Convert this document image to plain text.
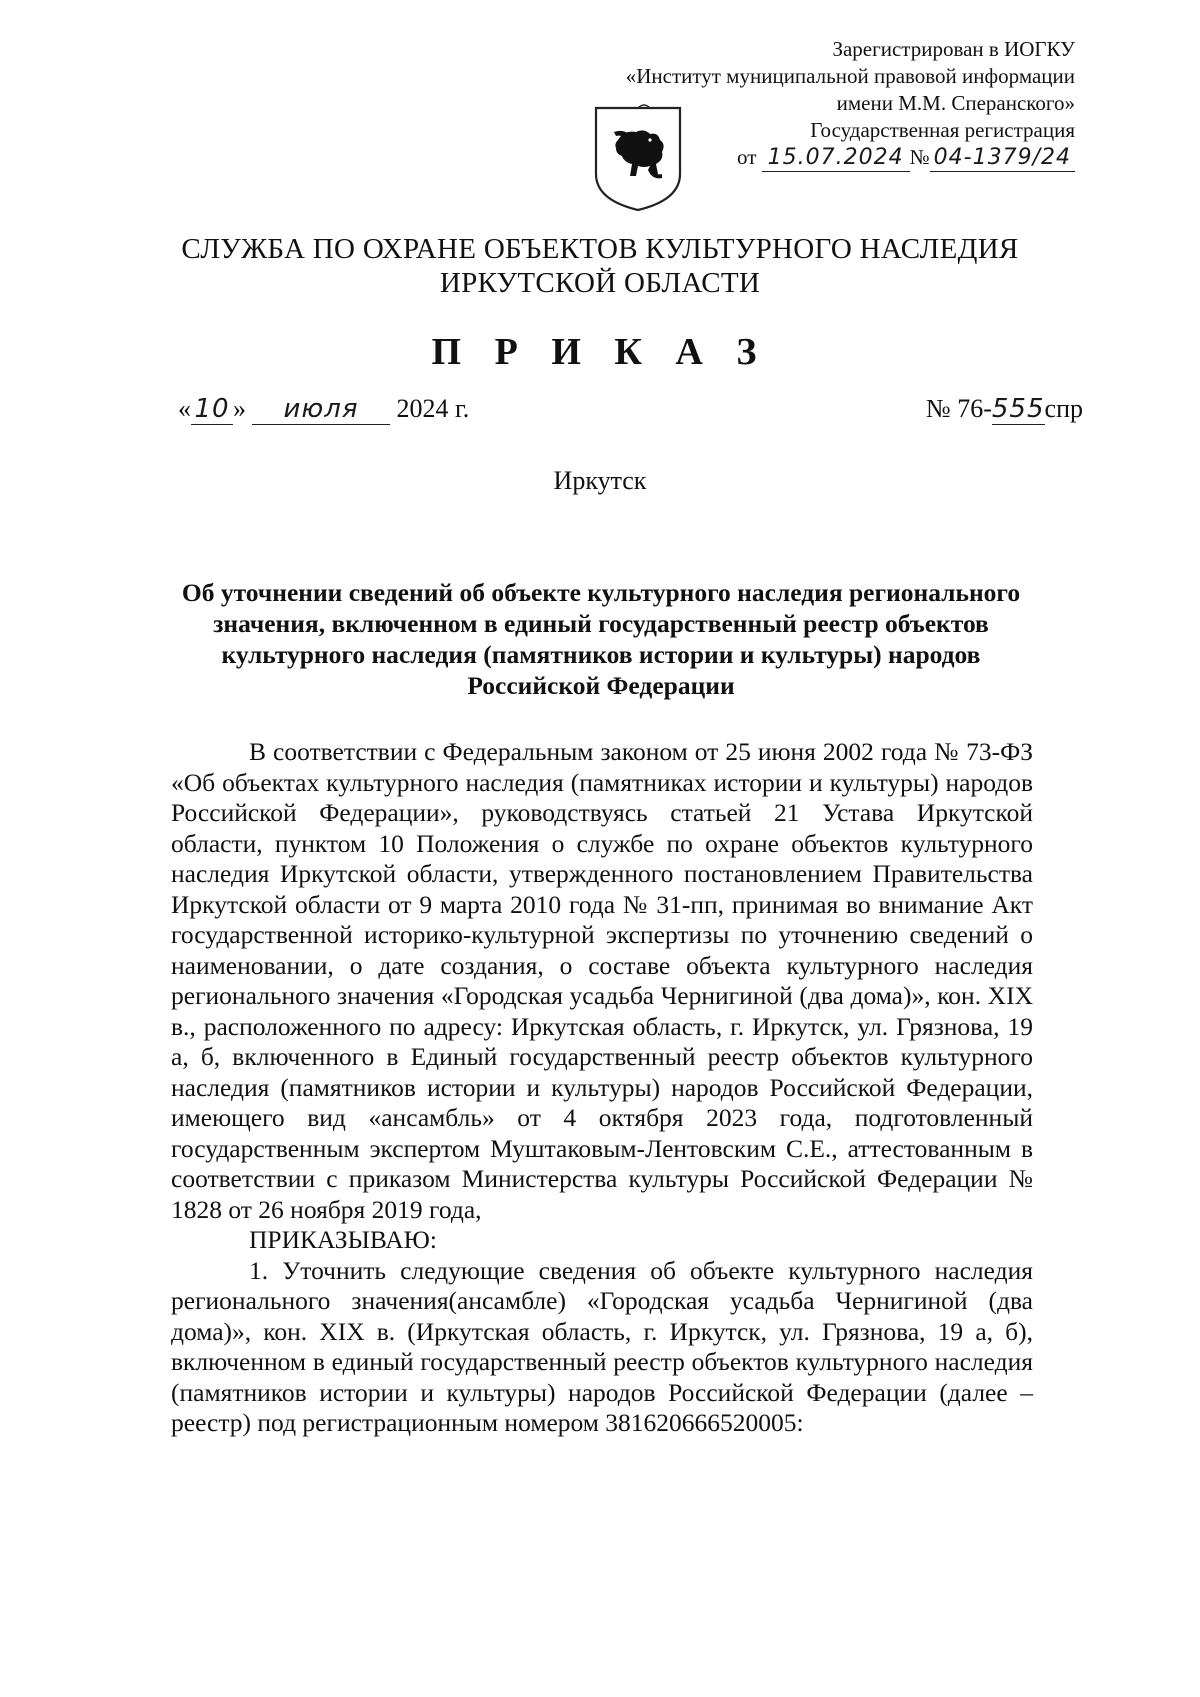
Зарегистрирован в ИОГКУ
«Институт муниципальной правовой информации
имени М.М. Сперанского»
Государственная регистрация
от 15.07.2024 № 04-1379/24
СЛУЖБА ПО ОХРАНЕ ОБЪЕКТОВ КУЛЬТУРНОГО НАСЛЕДИЯ
ИРКУТСКОЙ ОБЛАСТИ
П Р И К А З
« 10 » июля 2024 г.	№ 76-555спр
Иркутск
Об уточнении сведений об объекте культурного наследия регионального значения, включенном в единый государственный реестр объектов культурного наследия (памятников истории и культуры) народов Российской Федерации

В соответствии с Федеральным законом от 25 июня 2002 года № 73-ФЗ «Об объектах культурного наследия (памятниках истории и культуры) народов Российской Федерации», руководствуясь статьей 21 Устава Иркутской области, пунктом 10 Положения о службе по охране объектов культурного наследия Иркутской области, утвержденного постановлением Правительства Иркутской области от 9 марта 2010 года № 31-пп, принимая во внимание Акт государственной историко-культурной экспертизы по уточнению сведений о наименовании, о дате создания, о составе объекта культурного наследия регионального значения «Городская усадьба Чернигиной (два дома)», кон. XIX в., расположенного по адресу: Иркутская область, г. Иркутск, ул. Грязнова, 19 а, б, включенного в Единый государственный реестр объектов культурного наследия (памятников истории и культуры) народов Российской Федерации, имеющего вид «ансамбль» от 4 октября 2023 года, подготовленный государственным экспертом Муштаковым-Лентовским С.Е., аттестованным в соответствии с приказом Министерства культуры Российской Федерации № 1828 от 26 ноября 2019 года,

ПРИКАЗЫВАЮ:

1. Уточнить следующие сведения об объекте культурного наследия регионального значения(ансамбле) «Городская усадьба Чернигиной (два дома)», кон. XIX в. (Иркутская область, г. Иркутск, ул. Грязнова, 19 а, б), включенном в единый государственный реестр объектов культурного наследия (памятников истории и культуры) народов Российской Федерации (далее – реестр) под регистрационным номером 381620666520005:
